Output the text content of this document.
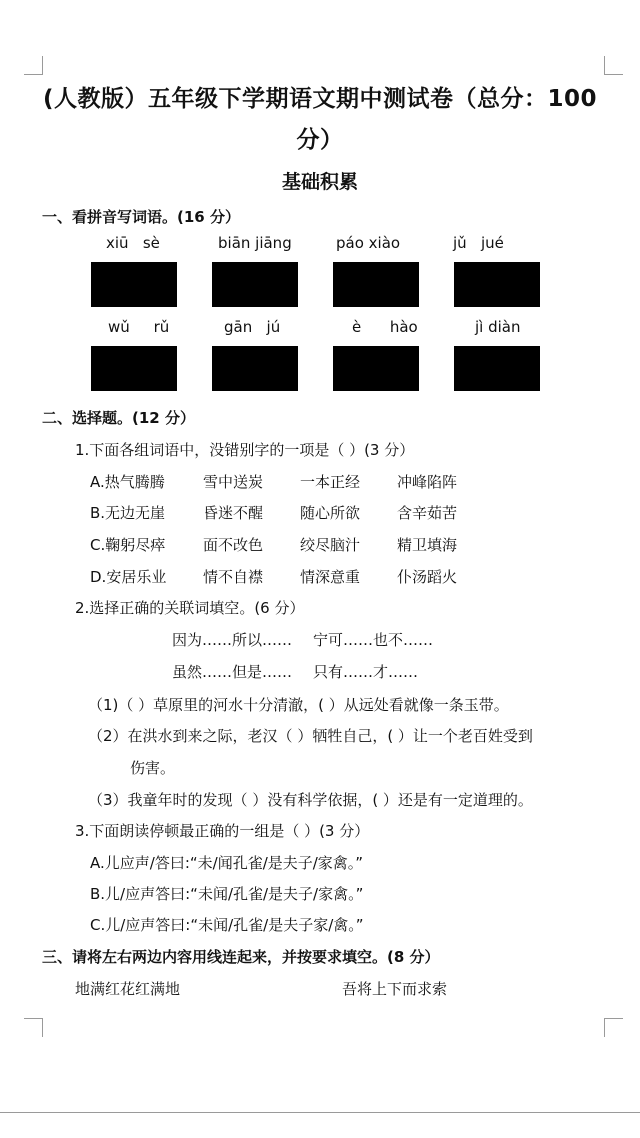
(人教版）五年级下学期语文期中测试卷（总分：100
分）
基础积累
一、看拼音写词语。(16 分）
xiū   sè	biān jiāng	páo xiào	jǔ   jué
wǔ     rǔ	gān   jú	è      hào	jì diàn
二、选择题。(12 分）
1.下面各组词语中，没错别字的一项是（ ）(3 分）
A.热气腾腾	雪中送炭 一本正经 冲峰陷阵
B.无边无崖	昏迷不醒 随心所欲 含辛茹苦
C.鞠躬尽瘁	面不改色 绞尽脑汁 精卫填海
D.安居乐业 情不自襟 情深意重 仆汤蹈火
2.选择正确的关联词填空。(6 分）
因为……所以…… 宁可……也不……
虽然……但是…… 只有……才……
（1)（ ）草原里的河水十分清澈，( ）从远处看就像一条玉带。
（2）在洪水到来之际，老汉（ ）牺牲自己，( ）让一个老百姓受到
伤害。
（3）我童年时的发现（ ）没有科学依据，( ）还是有一定道理的。
3.下面朗读停顿最正确的一组是（ ）(3 分）
A.儿应声/答曰:“未/闻孔雀/是夫子/家禽。”
B.儿/应声答曰:“未闻/孔雀/是夫子/家禽。”
C.儿/应声答曰:“未闻/孔雀/是夫子家/禽。”
三、请将左右两边内容用线连起来，并按要求填空。(8 分）
地满红花红满地	吾将上下而求索
